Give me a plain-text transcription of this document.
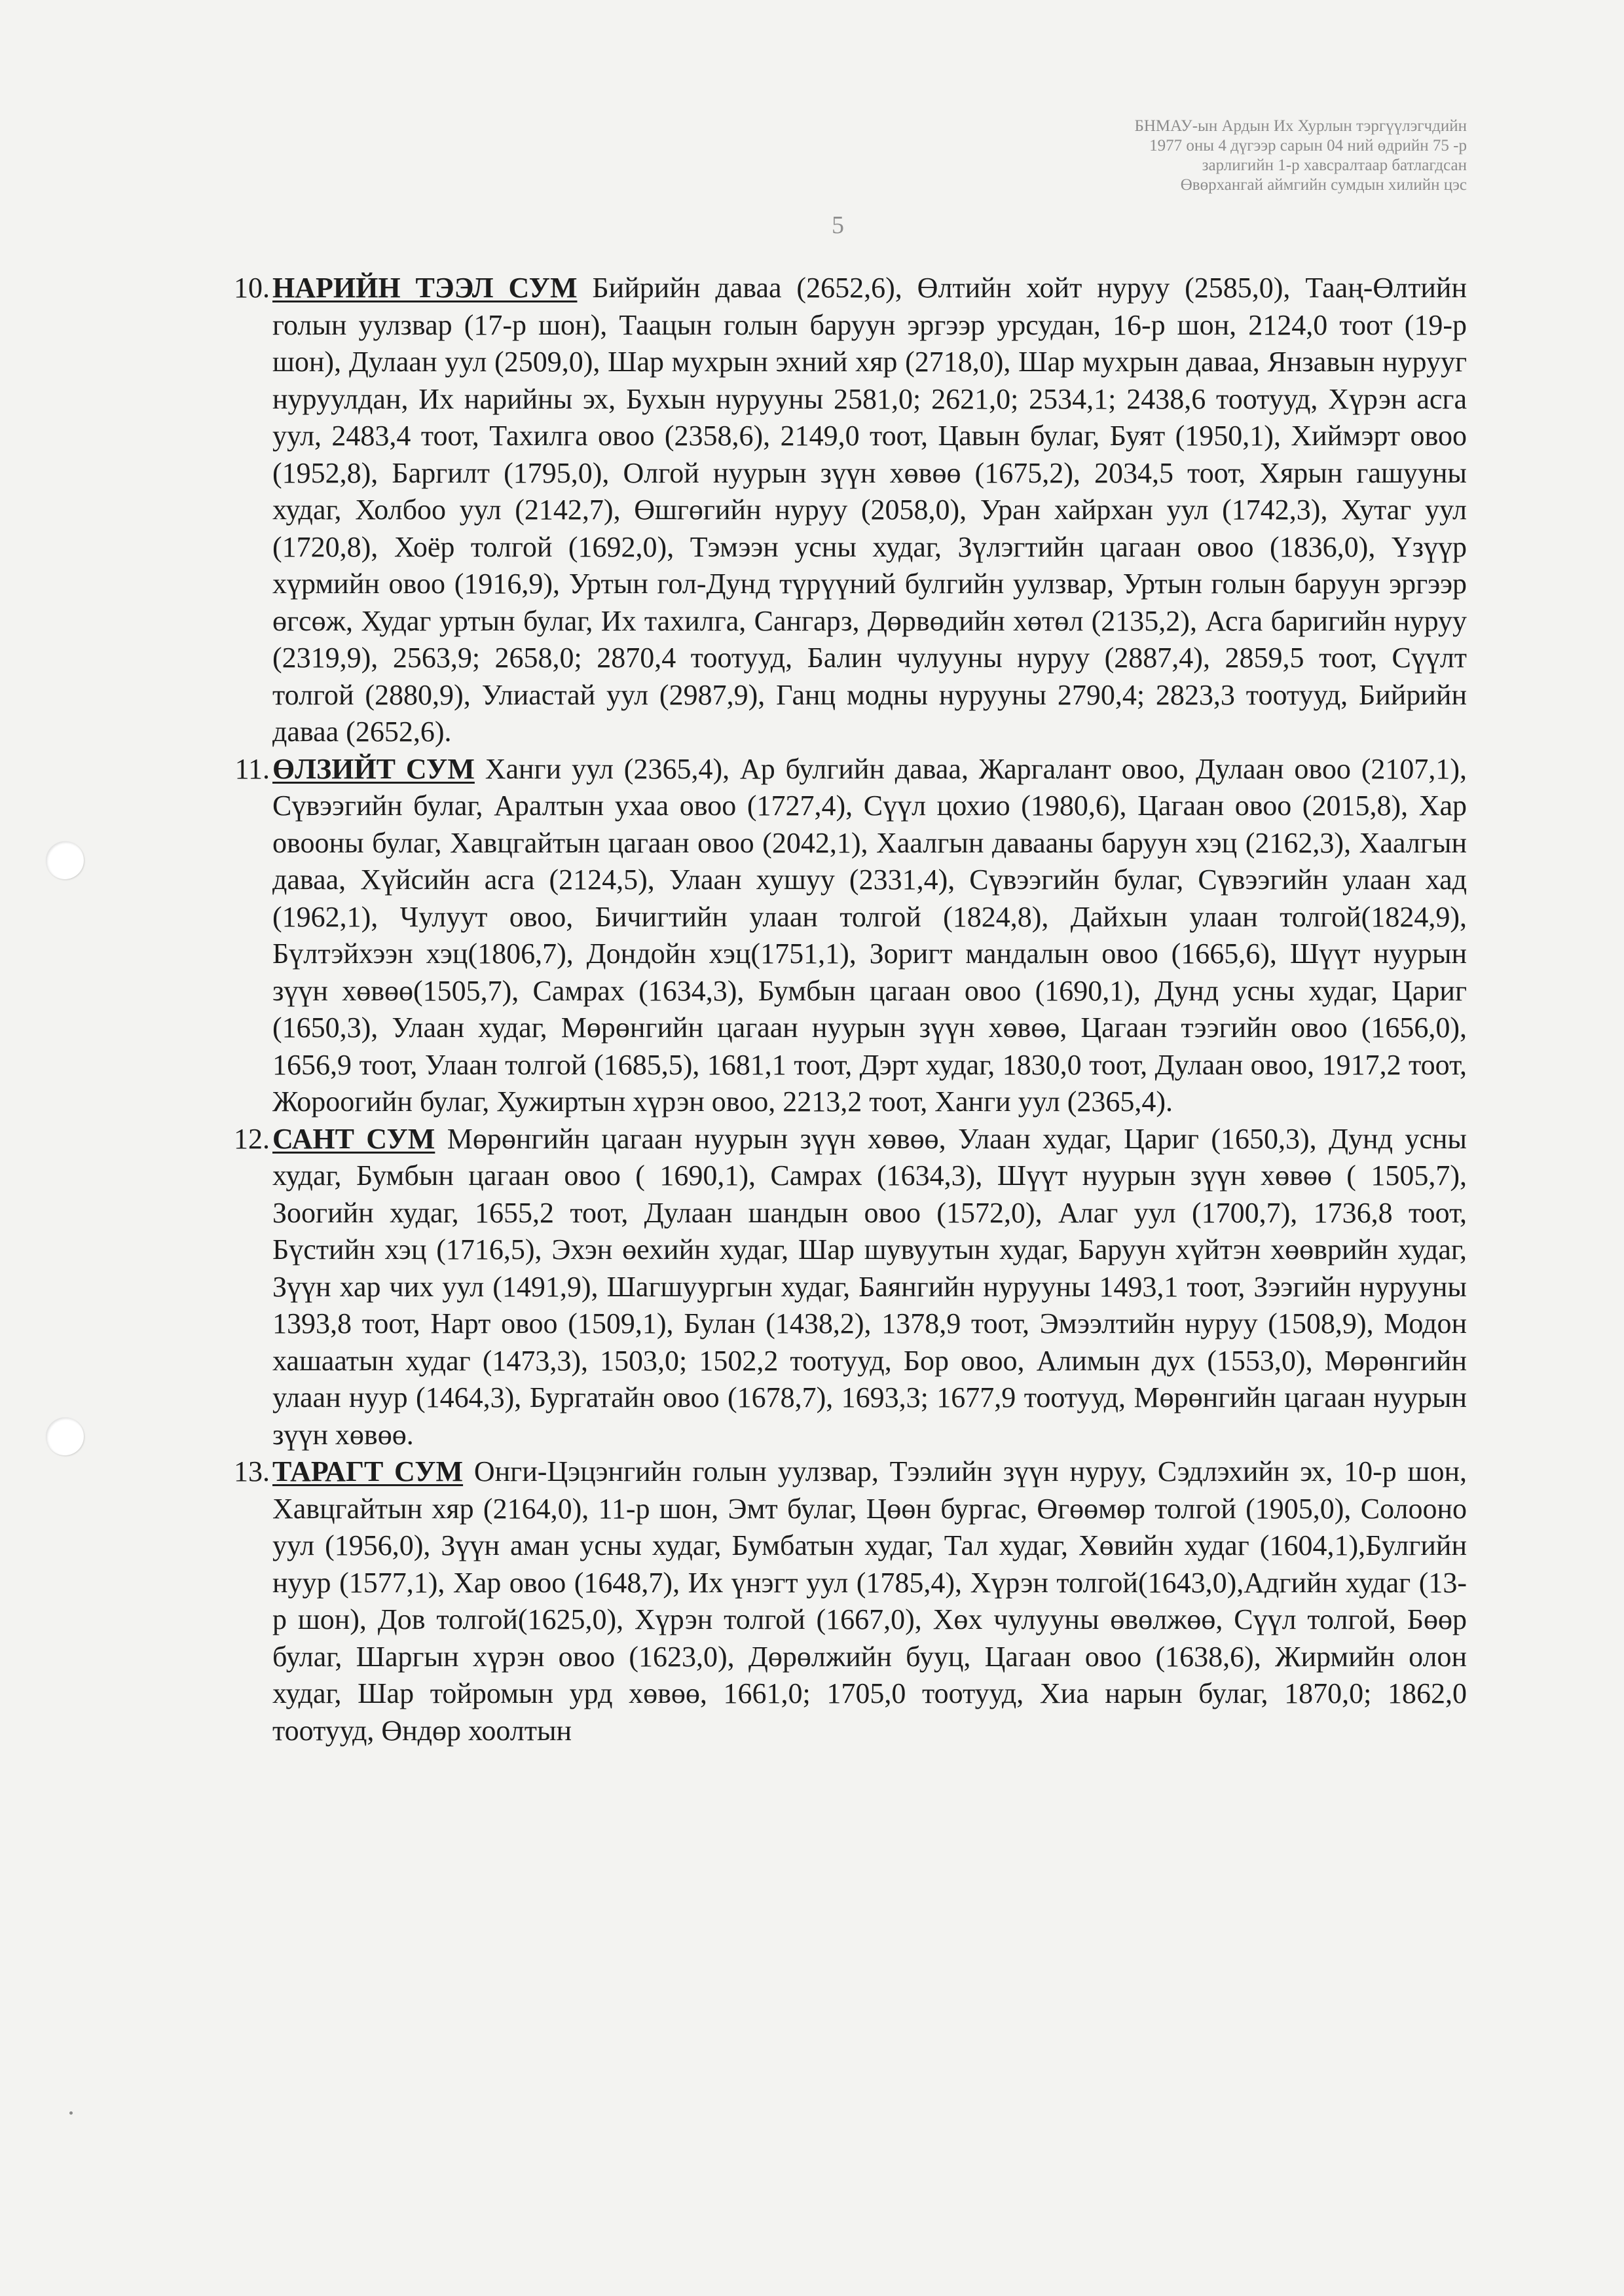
БНМАУ-ын Ардын Их Хурлын тэргүүлэгчдийн
1977 оны 4 дүгээр сарын 04 ний өдрийн 75 -р
зарлигийн 1-р хавсралтаар батлагдсан
Өвөрхангай аймгийн сумдын хилийн цэс
5
10. НАРИЙН ТЭЭЛ СУМ Бийрийн даваа (2652,6), Өлтийн хойт нуруу (2585,0), Тааң-Өлтийн голын уулзвар (17-р шон), Таацын голын баруун эргээр урсудан, 16-р шон, 2124,0 тоот (19-р шон), Дулаан уул (2509,0), Шар мухрын эхний хяр (2718,0), Шар мухрын даваа, Янзавын нурууг нуруулдан, Их нарийны эх, Бухын нурууны 2581,0; 2621,0; 2534,1; 2438,6 тоотууд, Хүрэн асга уул, 2483,4 тоот, Тахилга овоо (2358,6), 2149,0 тоот, Цавын булаг, Буят (1950,1), Хиймэрт овоо (1952,8), Баргилт (1795,0), Олгой нуурын зүүн хөвөө (1675,2), 2034,5 тоот, Хярын гашууны худаг, Холбоо уул (2142,7), Өшгөгийн нуруу (2058,0), Уран хайрхан уул (1742,3), Хутаг уул (1720,8), Хоёр толгой (1692,0), Тэмээн усны худаг, Зүлэгтийн цагаан овоо (1836,0), Үзүүр хүрмийн овоо (1916,9), Уртын гол-Дунд түрүүний булгийн уулзвар, Уртын голын баруун эргээр өгсөж, Худаг уртын булаг, Их тахилга, Сангарз, Дөрвөдийн хөтөл (2135,2), Асга баригийн нуруу (2319,9), 2563,9; 2658,0; 2870,4 тоотууд, Балин чулууны нуруу (2887,4), 2859,5 тоот, Сүүлт толгой (2880,9), Улиастай уул (2987,9), Ганц модны нурууны 2790,4; 2823,3 тоотууд, Бийрийн даваа (2652,6).

11. ӨЛЗИЙТ СУМ Ханги уул (2365,4), Ар булгийн даваа, Жаргалант овоо, Дулаан овоо (2107,1), Сүвээгийн булаг, Аралтын ухаа овоо (1727,4), Сүүл цохио (1980,6), Цагаан овоо (2015,8), Хар овооны булаг, Хавцгайтын цагаан овоо (2042,1), Хаалгын давааны баруун хэц (2162,3), Хаалгын даваа, Хүйсийн асга (2124,5), Улаан хушуу (2331,4), Сүвээгийн булаг, Сүвээгийн улаан хад (1962,1), Чулуут овоо, Бичигтийн улаан толгой (1824,8), Дайхын улаан толгой(1824,9), Бүлтэйхээн хэц(1806,7), Дондойн хэц(1751,1), Зоригт мандалын овоо (1665,6), Шүүт нуурын зүүн хөвөө(1505,7), Самрах (1634,3), Бумбын цагаан овоо (1690,1), Дунд усны худаг, Цариг (1650,3), Улаан худаг, Мөрөнгийн цагаан нуурын зүүн хөвөө, Цагаан тээгийн овоо (1656,0), 1656,9 тоот, Улаан толгой (1685,5), 1681,1 тоот, Дэрт худаг, 1830,0 тоот, Дулаан овоо, 1917,2 тоот, Жороогийн булаг, Хужиртын хүрэн овоо, 2213,2 тоот, Ханги уул (2365,4).

12. САНТ СУМ Мөрөнгийн цагаан нуурын зүүн хөвөө, Улаан худаг, Цариг (1650,3), Дунд усны худаг, Бумбын цагаан овоо ( 1690,1), Самрах (1634,3), Шүүт нуурын зүүн хөвөө ( 1505,7), Зоогийн худаг, 1655,2 тоот, Дулаан шандын овоо (1572,0), Алаг уул (1700,7), 1736,8 тоот, Бүстийн хэц (1716,5), Эхэн өехийн худаг, Шар шувуутын худаг, Баруун хүйтэн хөөврийн худаг, Зүүн хар чих уул (1491,9), Шагшуургын худаг, Баянгийн нурууны 1493,1 тоот, Зээгийн нурууны 1393,8 тоот, Нарт овоо (1509,1), Булан (1438,2), 1378,9 тоот, Эмээлтийн нуруу (1508,9), Модон хашаатын худаг (1473,3), 1503,0; 1502,2 тоотууд, Бор овоо, Алимын дух (1553,0), Мөрөнгийн улаан нуур (1464,3), Бургатайн овоо (1678,7), 1693,3; 1677,9 тоотууд, Мөрөнгийн цагаан нуурын зүүн хөвөө.

13. ТАРАГТ СУМ Онги-Цэцэнгийн голын уулзвар, Тээлийн зүүн нуруу, Сэдлэхийн эх, 10-р шон, Хавцгайтын хяр (2164,0), 11-р шон, Эмт булаг, Цөөн бургас, Өгөөмөр толгой (1905,0), Солооно уул (1956,0), Зүүн аман усны худаг, Бумбатын худаг, Тал худаг, Хөвийн худаг (1604,1),Булгийн нуур (1577,1), Хар овоо (1648,7), Их үнэгт уул (1785,4), Хүрэн толгой(1643,0),Адгийн худаг (13-р шон), Дов толгой(1625,0), Хүрэн толгой (1667,0), Хөх чулууны өвөлжөө, Сүүл толгой, Бөөр булаг, Шаргын хүрэн овоо (1623,0), Дөрөлжийн бууц, Цагаан овоо (1638,6), Жирмийн олон худаг, Шар тойромын урд хөвөө, 1661,0; 1705,0 тоотууд, Хиа нарын булаг, 1870,0; 1862,0 тоотууд, Өндөр хоолтын
